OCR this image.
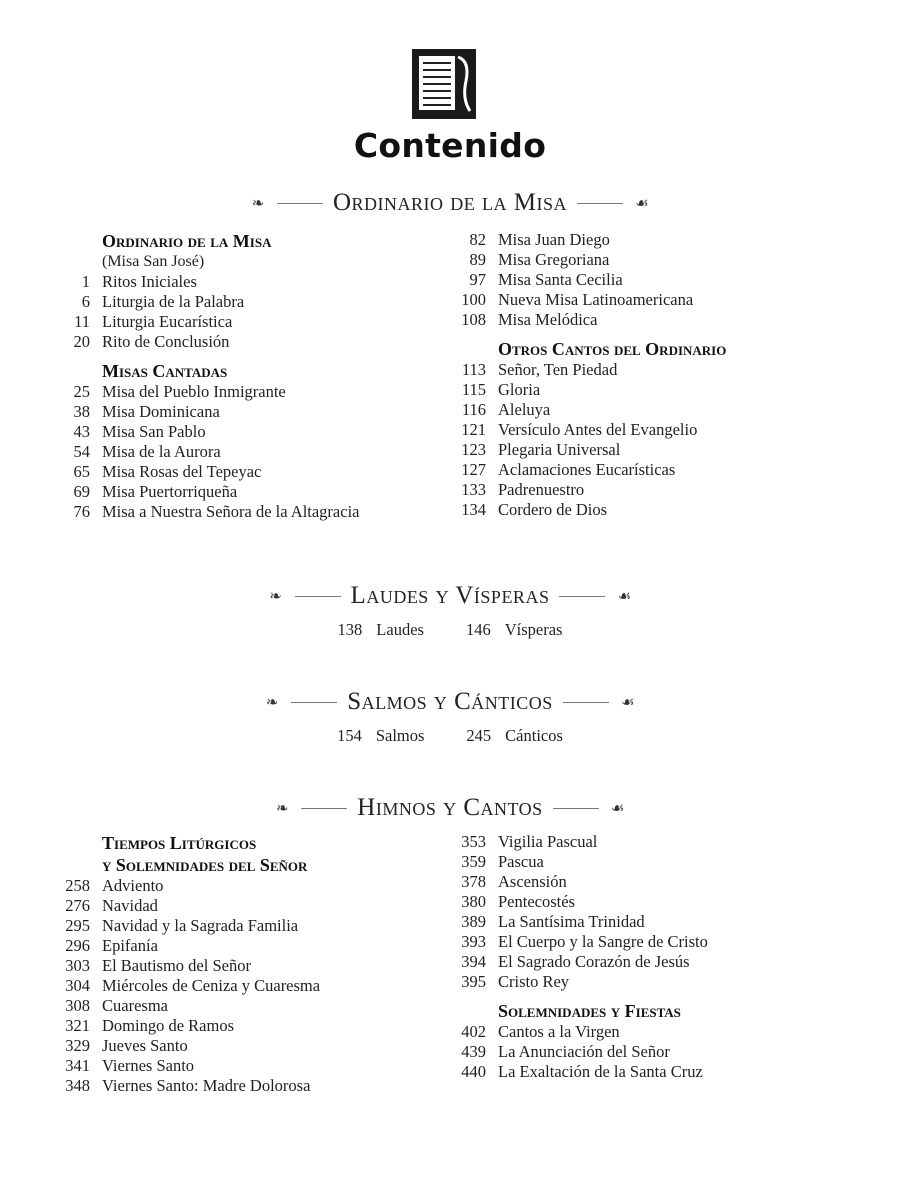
Contenido
❧	Ordinario de la Misa	☙
Ordinario de la Misa
(Misa San José)
1 Ritos Iniciales
6 Liturgia de la Palabra
11 Liturgia Eucarística
20 Rito de Conclusión
Misas Cantadas
25 Misa del Pueblo Inmigrante
38 Misa Dominicana
43 Misa San Pablo
54 Misa de la Aurora
65 Misa Rosas del Tepeyac
69 Misa Puertorriqueña
76 Misa a Nuestra Señora de la Altagracia
82 Misa Juan Diego
89 Misa Gregoriana
97 Misa Santa Cecilia
100 Nueva Misa Latinoamericana
108 Misa Melódica
Otros Cantos del Ordinario
113 Señor, Ten Piedad
115 Gloria
116 Aleluya
121 Versículo Antes del Evangelio
123 Plegaria Universal
127 Aclamaciones Eucarísticas
133 Padrenuestro
134 Cordero de Dios
❧	Laudes y Vísperas	☙
138 Laudes	146 Vísperas
❧	Salmos y Cánticos	☙
154 Salmos	245 Cánticos
❧	Himnos y Cantos	☙
Tiempos Litúrgicos
y Solemnidades del Señor
258 Adviento
276 Navidad
295 Navidad y la Sagrada Familia
296 Epifanía
303 El Bautismo del Señor
304 Miércoles de Ceniza y Cuaresma
308 Cuaresma
321 Domingo de Ramos
329 Jueves Santo
341 Viernes Santo
348 Viernes Santo: Madre Dolorosa
353 Vigilia Pascual
359 Pascua
378 Ascensión
380 Pentecostés
389 La Santísima Trinidad
393 El Cuerpo y la Sangre de Cristo
394 El Sagrado Corazón de Jesús
395 Cristo Rey
Solemnidades y Fiestas
402 Cantos a la Virgen
439 La Anunciación del Señor
440 La Exaltación de la Santa Cruz
